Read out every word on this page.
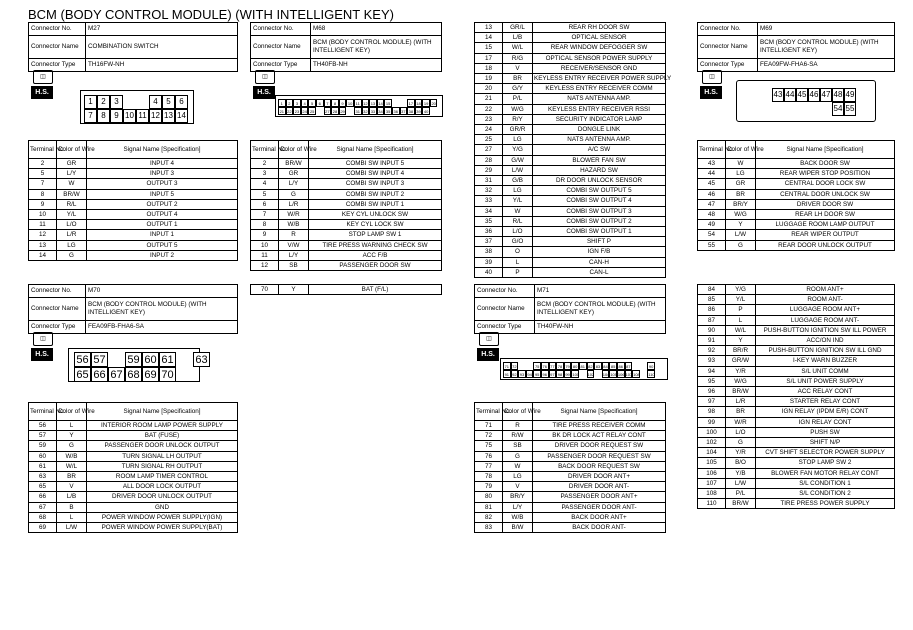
BCM (BODY CONTROL MODULE) (WITH INTELLIGENT KEY)
Connector No.	M27
Connector Name	COMBINATION SWITCH
Connector Type	TH16FW-NH
◫
H.S.
1	2	3	4	5	6
7	8	9 10 11 12 13 14
Connector No.	M68
Connector Name	BCM (BODY CONTROL MODULE) (WITH INTELLIGENT KEY)
Connector Type	TH40FB-NH
◫
H.S.
1	2	3	4	5	6	7	8	9	10 11 12 13 14 15	17 18 19 20
21 22 23 24 25	27 28 29	31 32 33 34 35 36 37 38 39 40
Connector No.	M69
Connector Name	BCM (BODY CONTROL MODULE) (WITH INTELLIGENT KEY)
Connector Type	FEA09FW-FHA6-SA
◫
H.S.	43 44 45 46 47 48 49
54 55
Connector No.	M70
Connector Name	BCM (BODY CONTROL MODULE) (WITH INTELLIGENT KEY)
Connector Type	FEA09FB-FHA6-SA
◫
H.S.	56 57 59 60 61 63
65 66 67 68 69 70
Connector No.	M71
Connector Name	BCM (BODY CONTROL MODULE) (WITH INTELLIGENT KEY)
Connector Type	TH40FW-NH
◫
H.S.
71 72	75 76 77 78 79 80 81 82 83 84 85 86 87	90
91 92 93 94 95 96 97 98 99 100 102 104 105 106 107 108 110
Terminal No.	Color of Wire	Signal Name [Specification]
2	GR	INPUT 4
5	L/Y	INPUT 3
7	W	OUTPUT 3
8	BR/W	INPUT 5
9	R/L	OUTPUT 2
10	Y/L	OUTPUT 4
11	L/O	OUTPUT 1
12	L/R	INPUT 1
13	LG	OUTPUT 5
14	G	INPUT 2
Terminal No.	Color of Wire	Signal Name [Specification]
2	BR/W	COMBI SW INPUT 5
3	GR	COMBI SW INPUT 4
4	L/Y	COMBI SW INPUT 3
5	G	COMBI SW INPUT 2
6	L/R	COMBI SW INPUT 1
7	W/R	KEY CYL UNLOCK SW
8	W/B	KEY CYL LOCK SW
9	R	STOP LAMP SW 1
10	V/W	TIRE PRESS WARNING CHECK SW
11	L/Y	ACC F/B
12	SB	PASSENGER DOOR SW
13	GR/L	REAR RH DOOR SW
14	L/B	OPTICAL SENSOR
15	W/L	REAR WINDOW DEFOGGER SW
17	R/G	OPTICAL SENSOR POWER SUPPLY
18	V	RECEIVER/SENSOR GND
19	BR	KEYLESS ENTRY RECEIVER POWER SUPPLY
20	G/Y	KEYLESS ENTRY RECEIVER COMM
21	P/L	NATS ANTENNA AMP.
22	W/G	KEYLESS ENTRY RECEIVER RSSI
23	R/Y	SECURITY INDICATOR LAMP
24	GR/R	DONGLE LINK
25	LG	NATS ANTENNA AMP.
27	Y/G	A/C SW
28	G/W	BLOWER FAN SW
29	L/W	HAZARD SW
31	G/B	DR DOOR UNLOCK SENSOR
32	LG	COMBI SW OUTPUT 5
33	Y/L	COMBI SW OUTPUT 4
34	W	COMBI SW OUTPUT 3
35	R/L	COMBI SW OUTPUT 2
36	L/O	COMBI SW OUTPUT 1
37	G/O	SHIFT P
38	O	IGN F/B
39	L	CAN-H
40	P	CAN-L
Terminal No.	Color of Wire	Signal Name [Specification]
43	W	BACK DOOR SW
44	LG	REAR WIPER STOP POSITION
45	GR	CENTRAL DOOR LOCK SW
46	BR	CENTRAL DOOR UNLOCK SW
47	BR/Y	DRIVER DOOR SW
48	W/G	REAR LH DOOR SW
49	Y	LUGGAGE ROOM LAMP OUTPUT
54	L/W	REAR WIPER OUTPUT
55	G	REAR DOOR UNLOCK OUTPUT
Terminal No.	Color of Wire	Signal Name [Specification]
56	L	INTERIOR ROOM LAMP POWER SUPPLY
57	Y	BAT (FUSE)
59	G	PASSENGER DOOR UNLOCK OUTPUT
60	W/B	TURN SIGNAL LH OUTPUT
61	W/L	TURN SIGNAL RH OUTPUT
63	BR	ROOM LAMP TIMER CONTROL
65	V	ALL DOOR LOCK OUTPUT
66	L/B	DRIVER DOOR UNLOCK OUTPUT
67	B	GND
68	L	POWER WINDOW POWER SUPPLY(IGN)
69	L/W	POWER WINDOW POWER SUPPLY(BAT)
70	Y	BAT (F/L)
Terminal No.	Color of Wire	Signal Name [Specification]
71	R	TIRE PRESS RECEIVER COMM
72	R/W	BK DR LOCK ACT RELAY CONT
75	SB	DRIVER DOOR REQUEST SW
76	G	PASSENGER DOOR REQUEST SW
77	W	BACK DOOR REQUEST SW
78	LG	DRIVER DOOR ANT+
79	V	DRIVER DOOR ANT-
80	BR/Y	PASSENGER DOOR ANT+
81	L/Y	PASSENGER DOOR ANT-
82	W/B	BACK DOOR ANT+
83	B/W	BACK DOOR ANT-
84	Y/G	ROOM ANT+
85	Y/L	ROOM ANT-
86	P	LUGGAGE ROOM ANT+
87	L	LUGGAGE ROOM ANT-
90	W/L	PUSH-BUTTON IGNITION SW ILL POWER
91	Y	ACC/ON IND
92	BR/R	PUSH-BUTTON IGNITION SW ILL GND
93	GR/W	I-KEY WARN BUZZER
94	Y/R	S/L UNIT COMM
95	W/G	S/L UNIT POWER SUPPLY
96	BR/W	ACC RELAY CONT
97	L/R	STARTER RELAY CONT
98	BR	IGN RELAY (IPDM E/R) CONT
99	W/R	IGN RELAY CONT
100	L/O	PUSH SW
102	G	SHIFT N/P
104	Y/R	CVT SHIFT SELECTOR POWER SUPPLY
105	B/O	STOP LAMP SW 2
106	Y/B	BLOWER FAN MOTOR RELAY CONT
107	L/W	S/L CONDITION 1
108	P/L	S/L CONDITION 2
110	BR/W	TIRE PRESS POWER SUPPLY
